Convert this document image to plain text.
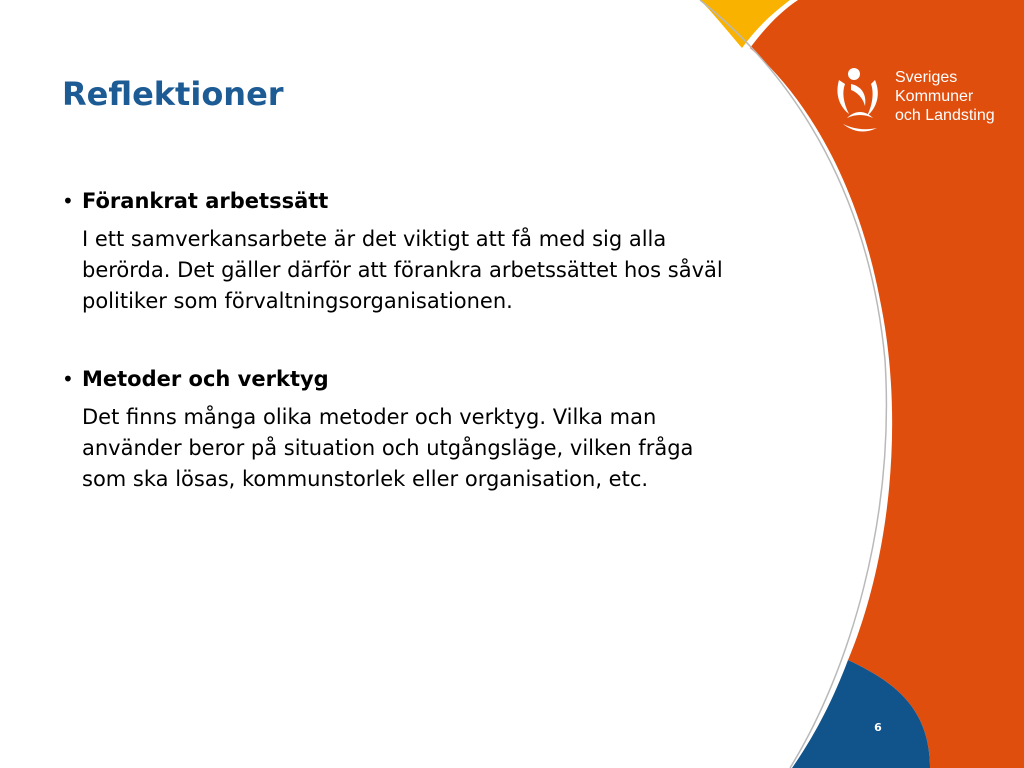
Sveriges
Kommuner
och Landsting
Reflektioner
• Förankrat arbetssätt
I ett samverkansarbete är det viktigt att få med sig alla berörda. Det gäller därför att förankra arbetssättet hos såväl politiker som förvaltningsorganisationen.
• Metoder och verktyg
Det finns många olika metoder och verktyg. Vilka man använder beror på situation och utgångsläge, vilken fråga som ska lösas, kommunstorlek eller organisation, etc.
6
